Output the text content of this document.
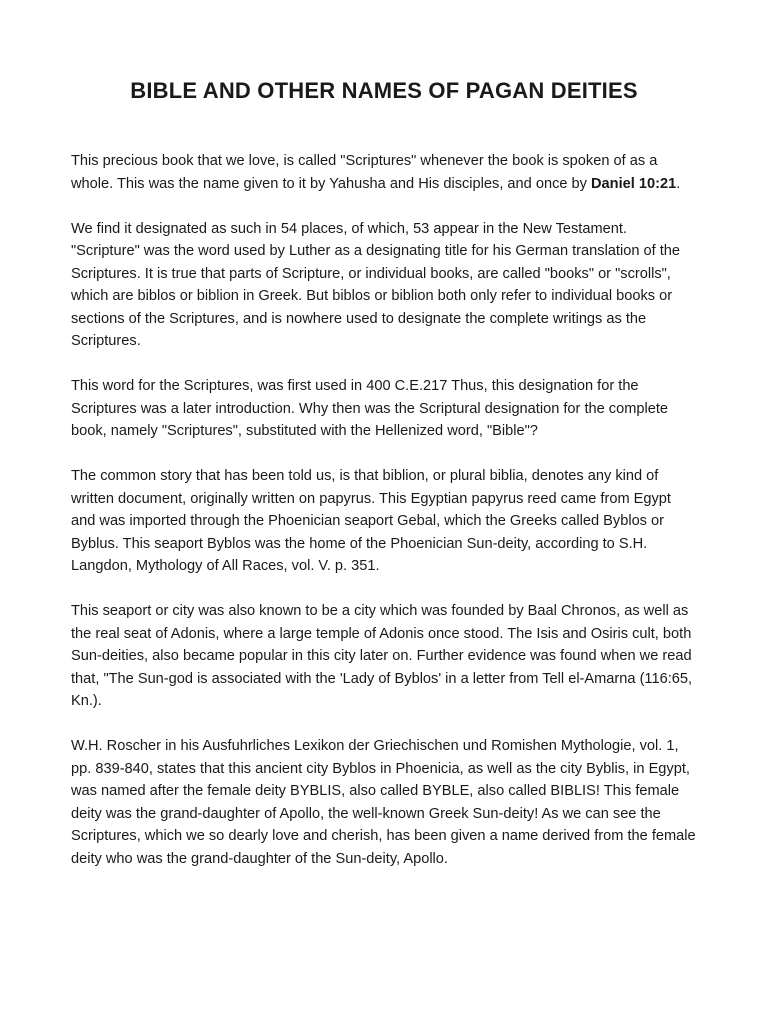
BIBLE AND OTHER NAMES OF PAGAN DEITIES

This precious book that we love, is called "Scriptures" whenever the book is spoken of as a whole. This was the name given to it by Yahusha and His disciples, and once by Daniel 10:21.

We find it designated as such in 54 places, of which, 53 appear in the New Testament. "Scripture" was the word used by Luther as a designating title for his German translation of the Scriptures. It is true that parts of Scripture, or individual books, are called "books" or "scrolls", which are biblos or biblion in Greek. But biblos or biblion both only refer to individual books or sections of the Scriptures, and is nowhere used to designate the complete writings as the Scriptures.

This word for the Scriptures, was first used in 400 C.E.217 Thus, this designation for the Scriptures was a later introduction. Why then was the Scriptural designation for the complete book, namely "Scriptures", substituted with the Hellenized word, "Bible"?

The common story that has been told us, is that biblion, or plural biblia, denotes any kind of written document, originally written on papyrus. This Egyptian papyrus reed came from Egypt and was imported through the Phoenician seaport Gebal, which the Greeks called Byblos or Byblus. This seaport Byblos was the home of the Phoenician Sun-deity, according to S.H. Langdon, Mythology of All Races, vol. V. p. 351.

This seaport or city was also known to be a city which was founded by Baal Chronos, as well as the real seat of Adonis, where a large temple of Adonis once stood. The Isis and Osiris cult, both Sun-deities, also became popular in this city later on. Further evidence was found when we read that, "The Sun-god is associated with the 'Lady of Byblos' in a letter from Tell el-Amarna (116:65, Kn.).

W.H. Roscher in his Ausfuhrliches Lexikon der Griechischen und Romishen Mythologie, vol. 1, pp. 839-840, states that this ancient city Byblos in Phoenicia, as well as the city Byblis, in Egypt, was named after the female deity BYBLIS, also called BYBLE, also called BIBLIS! This female deity was the grand-daughter of Apollo, the well-known Greek Sun-deity! As we can see the Scriptures, which we so dearly love and cherish, has been given a name derived from the female deity who was the grand-daughter of the Sun-deity, Apollo.
